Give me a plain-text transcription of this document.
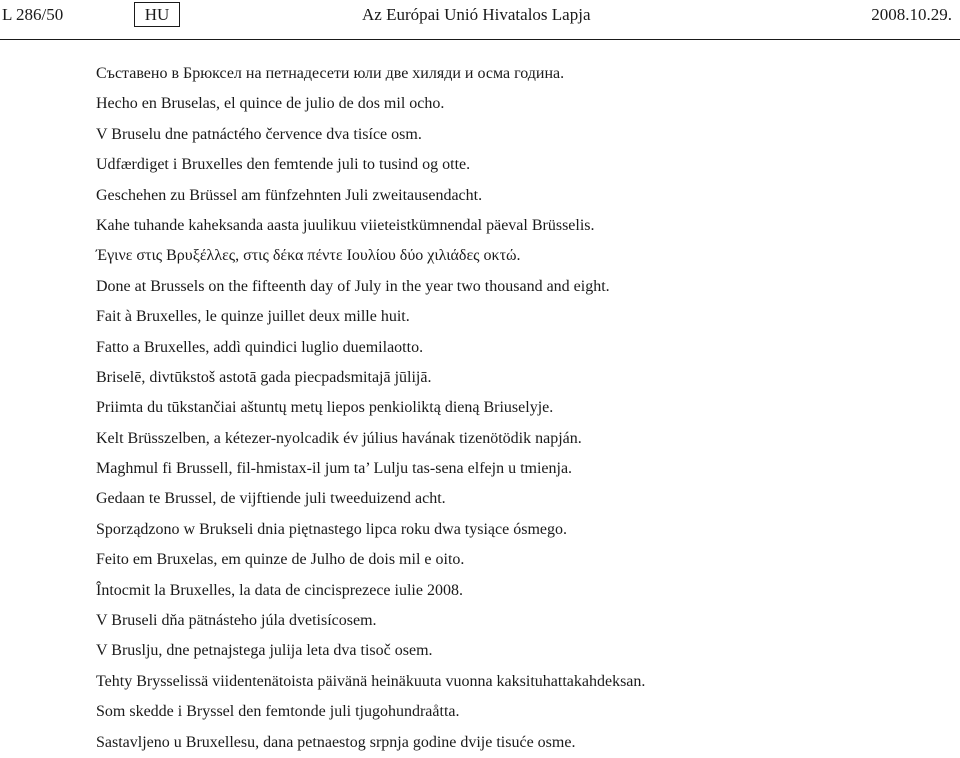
L 286/50	HU	Az Európai Unió Hivatalos Lapja	2008.10.29.
Съставено в Брюксел на петнадесети юли две хиляди и осма година.
Hecho en Bruselas, el quince de julio de dos mil ocho.
V Bruselu dne patnáctého července dva tisíce osm.
Udfærdiget i Bruxelles den femtende juli to tusind og otte.
Geschehen zu Brüssel am fünfzehnten Juli zweitausendacht.
Kahe tuhande kaheksanda aasta juulikuu viieteistkümnendal päeval Brüsselis.
Έγινε στις Βρυξέλλες, στις δέκα πέντε Ιουλίου δύο χιλιάδες οκτώ.
Done at Brussels on the fifteenth day of July in the year two thousand and eight.
Fait à Bruxelles, le quinze juillet deux mille huit.
Fatto a Bruxelles, addì quindici luglio duemilaotto.
Briselē, divtūkstoš astotā gada piecpadsmitajā jūlijā.
Priimta du tūkstančiai aštuntų metų liepos penkioliktą dieną Briuselyje.
Kelt Brüsszelben, a kétezer-nyolcadik év július havának tizenötödik napján.
Maghmul fi Brussell, fil-hmistax-il jum ta’ Lulju tas-sena elfejn u tmienja.
Gedaan te Brussel, de vijftiende juli tweeduizend acht.
Sporządzono w Brukseli dnia piętnastego lipca roku dwa tysiące ósmego.
Feito em Bruxelas, em quinze de Julho de dois mil e oito.
Întocmit la Bruxelles, la data de cincisprezece iulie 2008.
V Bruseli dňa pätnásteho júla dvetisícosem.
V Bruslju, dne petnajstega julija leta dva tisoč osem.
Tehty Brysselissä viidentenätoista päivänä heinäkuuta vuonna kaksituhattakahdeksan.
Som skedde i Bryssel den femtonde juli tjugohundraåtta.
Sastavljeno u Bruxellesu, dana petnaestog srpnja godine dvije tisuće osme.
